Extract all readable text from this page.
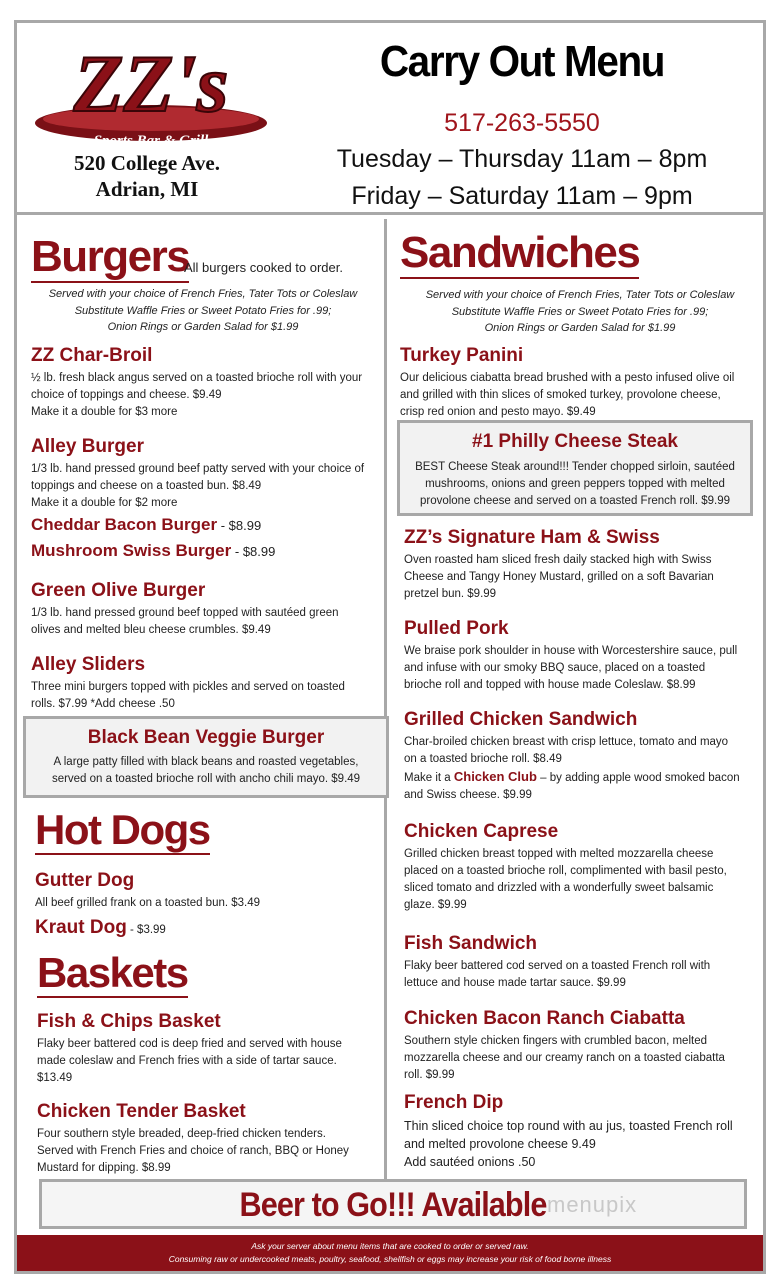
ZZ's
Sports Bar & Grill
520 College Ave.
Adrian, MI
Carry Out Menu
517-263-5550
Tuesday – Thursday 11am – 8pm
Friday – Saturday 11am – 9pm
Burgers
All burgers cooked to order.
Served with your choice of French Fries, Tater Tots or Coleslaw
Substitute Waffle Fries or Sweet Potato Fries for .99;
Onion Rings or Garden Salad for $1.99
ZZ Char-Broil
½ lb. fresh black angus served on a toasted brioche roll with your
choice of toppings and cheese. $9.49
Make it a double for $3 more
Alley Burger
1/3 lb. hand pressed ground beef patty served with your choice of
toppings and cheese on a toasted bun. $8.49
Make it a double for $2 more
Cheddar Bacon Burger - $8.99
Mushroom Swiss Burger - $8.99
Green Olive Burger
1/3 lb. hand pressed ground beef topped with sautéed green
olives and melted bleu cheese crumbles. $9.49
Alley Sliders
Three mini burgers topped with pickles and served on toasted
rolls. $7.99 *Add cheese .50
Black Bean Veggie Burger
A large patty filled with black beans and roasted vegetables,
served on a toasted brioche roll with ancho chili mayo. $9.49
Hot Dogs
Gutter Dog
All beef grilled frank on a toasted bun. $3.49
Kraut Dog - $3.99
Baskets
Fish & Chips Basket
Flaky beer battered cod is deep fried and served with house
made coleslaw and French fries with a side of tartar sauce.
$13.49
Chicken Tender Basket
Four southern style breaded, deep-fried chicken tenders.
Served with French Fries and choice of ranch, BBQ or Honey
Mustard for dipping. $8.99
Sandwiches
Served with your choice of French Fries, Tater Tots or Coleslaw
Substitute Waffle Fries or Sweet Potato Fries for .99;
Onion Rings or Garden Salad for $1.99
Turkey Panini
Our delicious ciabatta bread brushed with a pesto infused olive oil
and grilled with thin slices of smoked turkey, provolone cheese,
crisp red onion and pesto mayo. $9.49
#1 Philly Cheese Steak
BEST Cheese Steak around!!! Tender chopped sirloin, sautéed
mushrooms, onions and green peppers topped with melted
provolone cheese and served on a toasted French roll. $9.99
ZZ’s Signature Ham & Swiss
Oven roasted ham sliced fresh daily stacked high with Swiss
Cheese and Tangy Honey Mustard, grilled on a soft Bavarian
pretzel bun. $9.99
Pulled Pork
We braise pork shoulder in house with Worcestershire sauce, pull
and infuse with our smoky BBQ sauce, placed on a toasted
brioche roll and topped with house made Coleslaw. $8.99
Grilled Chicken Sandwich
Char-broiled chicken breast with crisp lettuce, tomato and mayo
on a toasted brioche roll. $8.49
Make it a Chicken Club – by adding apple wood smoked bacon
and Swiss cheese. $9.99
Chicken Caprese
Grilled chicken breast topped with melted mozzarella cheese
placed on a toasted brioche roll, complimented with basil pesto,
sliced tomato and drizzled with a wonderfully sweet balsamic
glaze. $9.99
Fish Sandwich
Flaky beer battered cod served on a toasted French roll with
lettuce and house made tartar sauce. $9.99
Chicken Bacon Ranch Ciabatta
Southern style chicken fingers with crumbled bacon, melted
mozzarella cheese and our creamy ranch on a toasted ciabatta
roll. $9.99
French Dip
Thin sliced choice top round with au jus, toasted French roll
and melted provolone cheese 9.49
Add sautéed onions .50
Beer to Go!!! Available menupix

Ask your server about menu items that are cooked to order or served raw.

Consuming raw or undercooked meats, poultry, seafood, shellfish or eggs may increase your risk of food borne illness
